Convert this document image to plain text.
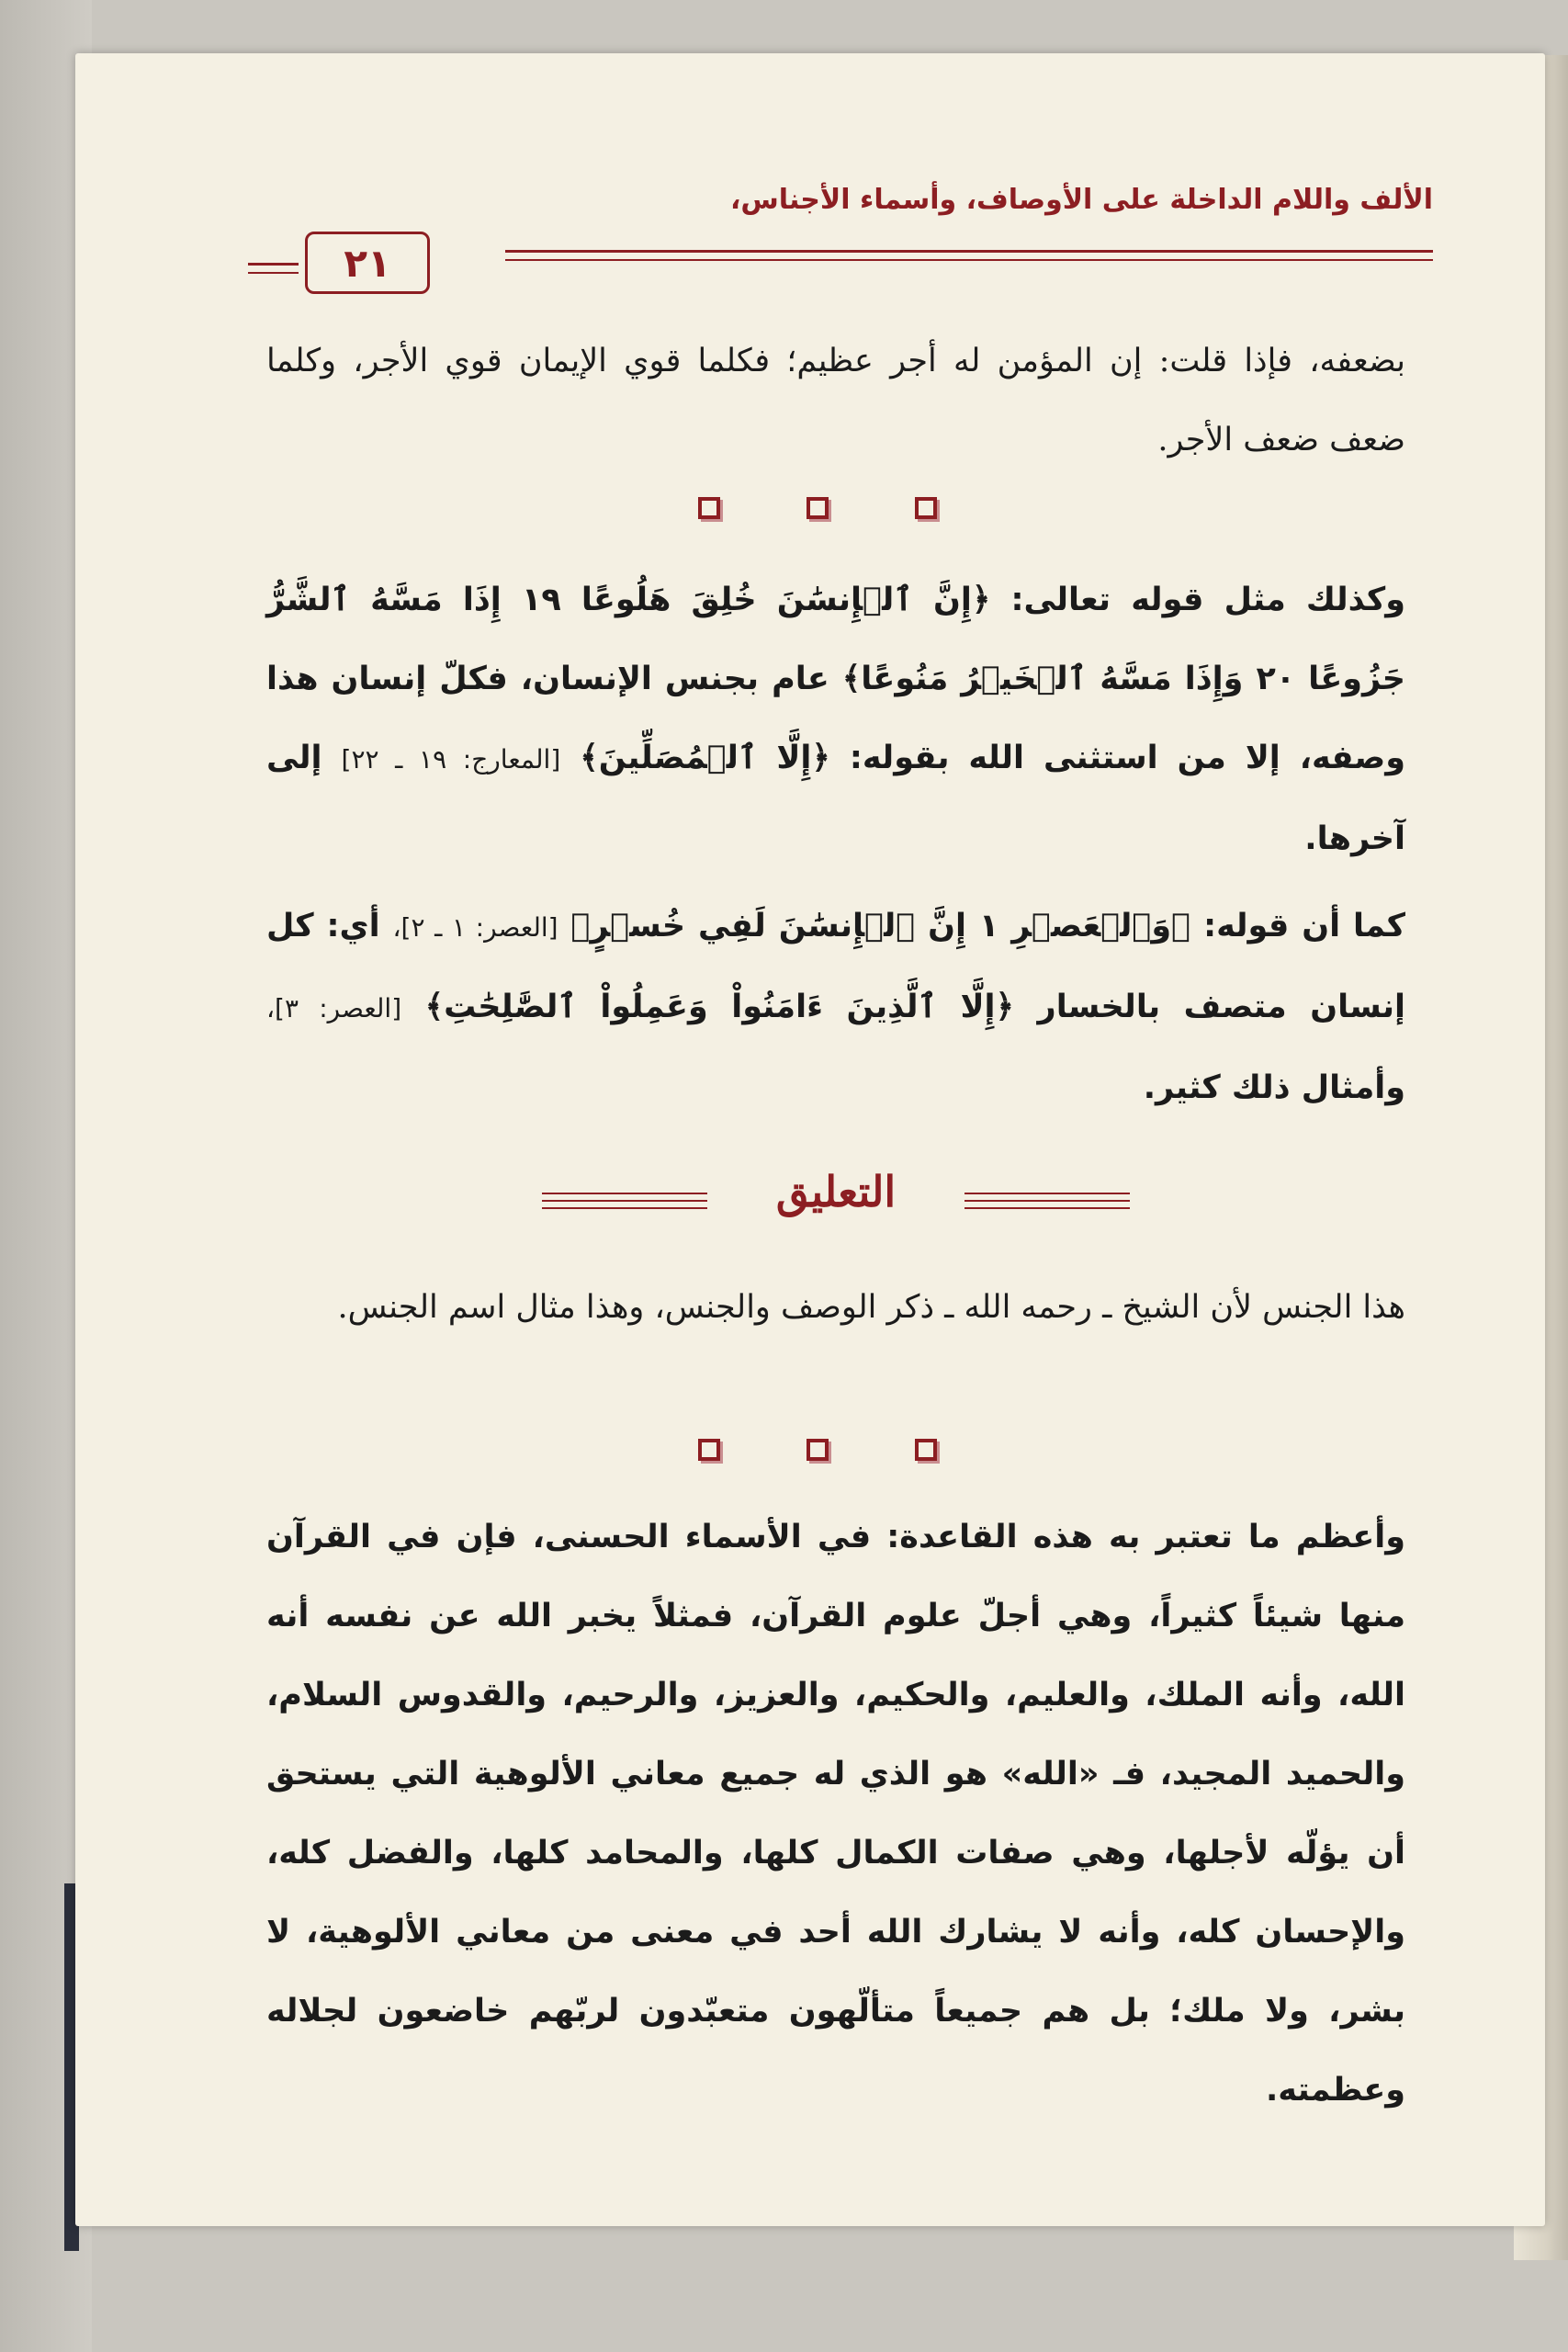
الألف واللام الداخلة على الأوصاف، وأسماء الأجناس،
٢١

بضعفه، فإذا قلت: إن المؤمن له أجر عظيم؛ فكلما قوي الإيمان قوي الأجر، وكلما ضعف ضعف الأجر.

وكذلك مثل قوله تعالى: ﴿إِنَّ ٱلۡإِنسَٰنَ خُلِقَ هَلُوعًا ١٩ إِذَا مَسَّهُ ٱلشَّرُّ جَزُوعًا ٢٠ وَإِذَا مَسَّهُ ٱلۡخَيۡرُ مَنُوعًا﴾ عام بجنس الإنسان، فكلّ إنسان هذا وصفه، إلا من استثنى الله بقوله: ﴿إِلَّا ٱلۡمُصَلِّينَ﴾ [المعارج: ١٩ ـ ٢٢] إلى آخرها.

كما أن قوله: ﴿وَٱلۡعَصۡرِ ١ إِنَّ ٱلۡإِنسَٰنَ لَفِي خُسۡرٍ﴾ [العصر: ١ ـ ٢]، أي: كل إنسان متصف بالخسار ﴿إِلَّا ٱلَّذِينَ ءَامَنُواْ وَعَمِلُواْ ٱلصَّٰلِحَٰتِ﴾ [العصر: ٣]، وأمثال ذلك كثير.

التعليق

هذا الجنس لأن الشيخ ـ رحمه الله ـ ذكر الوصف والجنس، وهذا مثال اسم الجنس.

وأعظم ما تعتبر به هذه القاعدة: في الأسماء الحسنى، فإن في القرآن منها شيئاً كثيراً، وهي أجلّ علوم القرآن، فمثلاً يخبر الله عن نفسه أنه الله، وأنه الملك، والعليم، والحكيم، والعزيز، والرحيم، والقدوس السلام، والحميد المجيد، فـ «الله» هو الذي له جميع معاني الألوهية التي يستحق أن يؤلّه لأجلها، وهي صفات الكمال كلها، والمحامد كلها، والفضل كله، والإحسان كله، وأنه لا يشارك الله أحد في معنى من معاني الألوهية، لا بشر، ولا ملك؛ بل هم جميعاً متألّهون متعبّدون لربّهم خاضعون لجلاله وعظمته.
